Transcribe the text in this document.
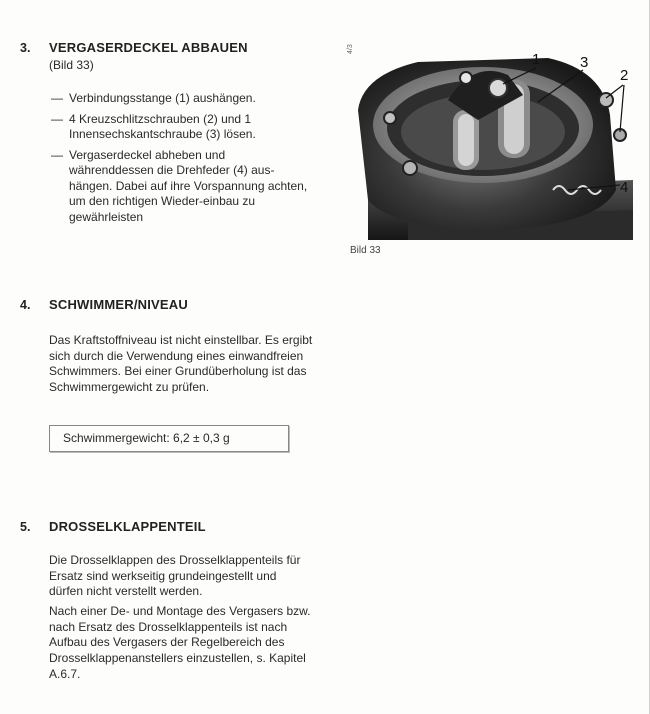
3. VERGASERDECKEL ABBAUEN
(Bild 33)
— Verbindungsstange (1) aushängen.
— 4 Kreuzschlitzschrauben (2) und 1 Innensechskantschraube (3) lösen.
— Vergaserdeckel abheben und währenddessen die Drehfeder (4) aus-hängen. Dabei auf ihre Vorspannung achten, um den richtigen Wieder-einbau zu gewährleisten
1	3
2
4
4/3
Bild 33
4. SCHWIMMER/NIVEAU

Das Kraftstoffniveau ist nicht einstellbar. Es ergibt sich durch die Verwendung eines einwandfreien Schwimmers. Bei einer Grundüberholung ist das Schwimmergewicht zu prüfen.

Schwimmergewicht: 6,2 ± 0,3 g
5. DROSSELKLAPPENTEIL

Die Drosselklappen des Drosselklappenteils für Ersatz sind werkseitig grundeingestellt und dürfen nicht verstellt werden.

Nach einer De- und Montage des Vergasers bzw. nach Ersatz des Drosselklappenteils ist nach Aufbau des Vergasers der Regelbereich des Drosselklappenanstellers einzustellen, s. Kapitel A.6.7.
